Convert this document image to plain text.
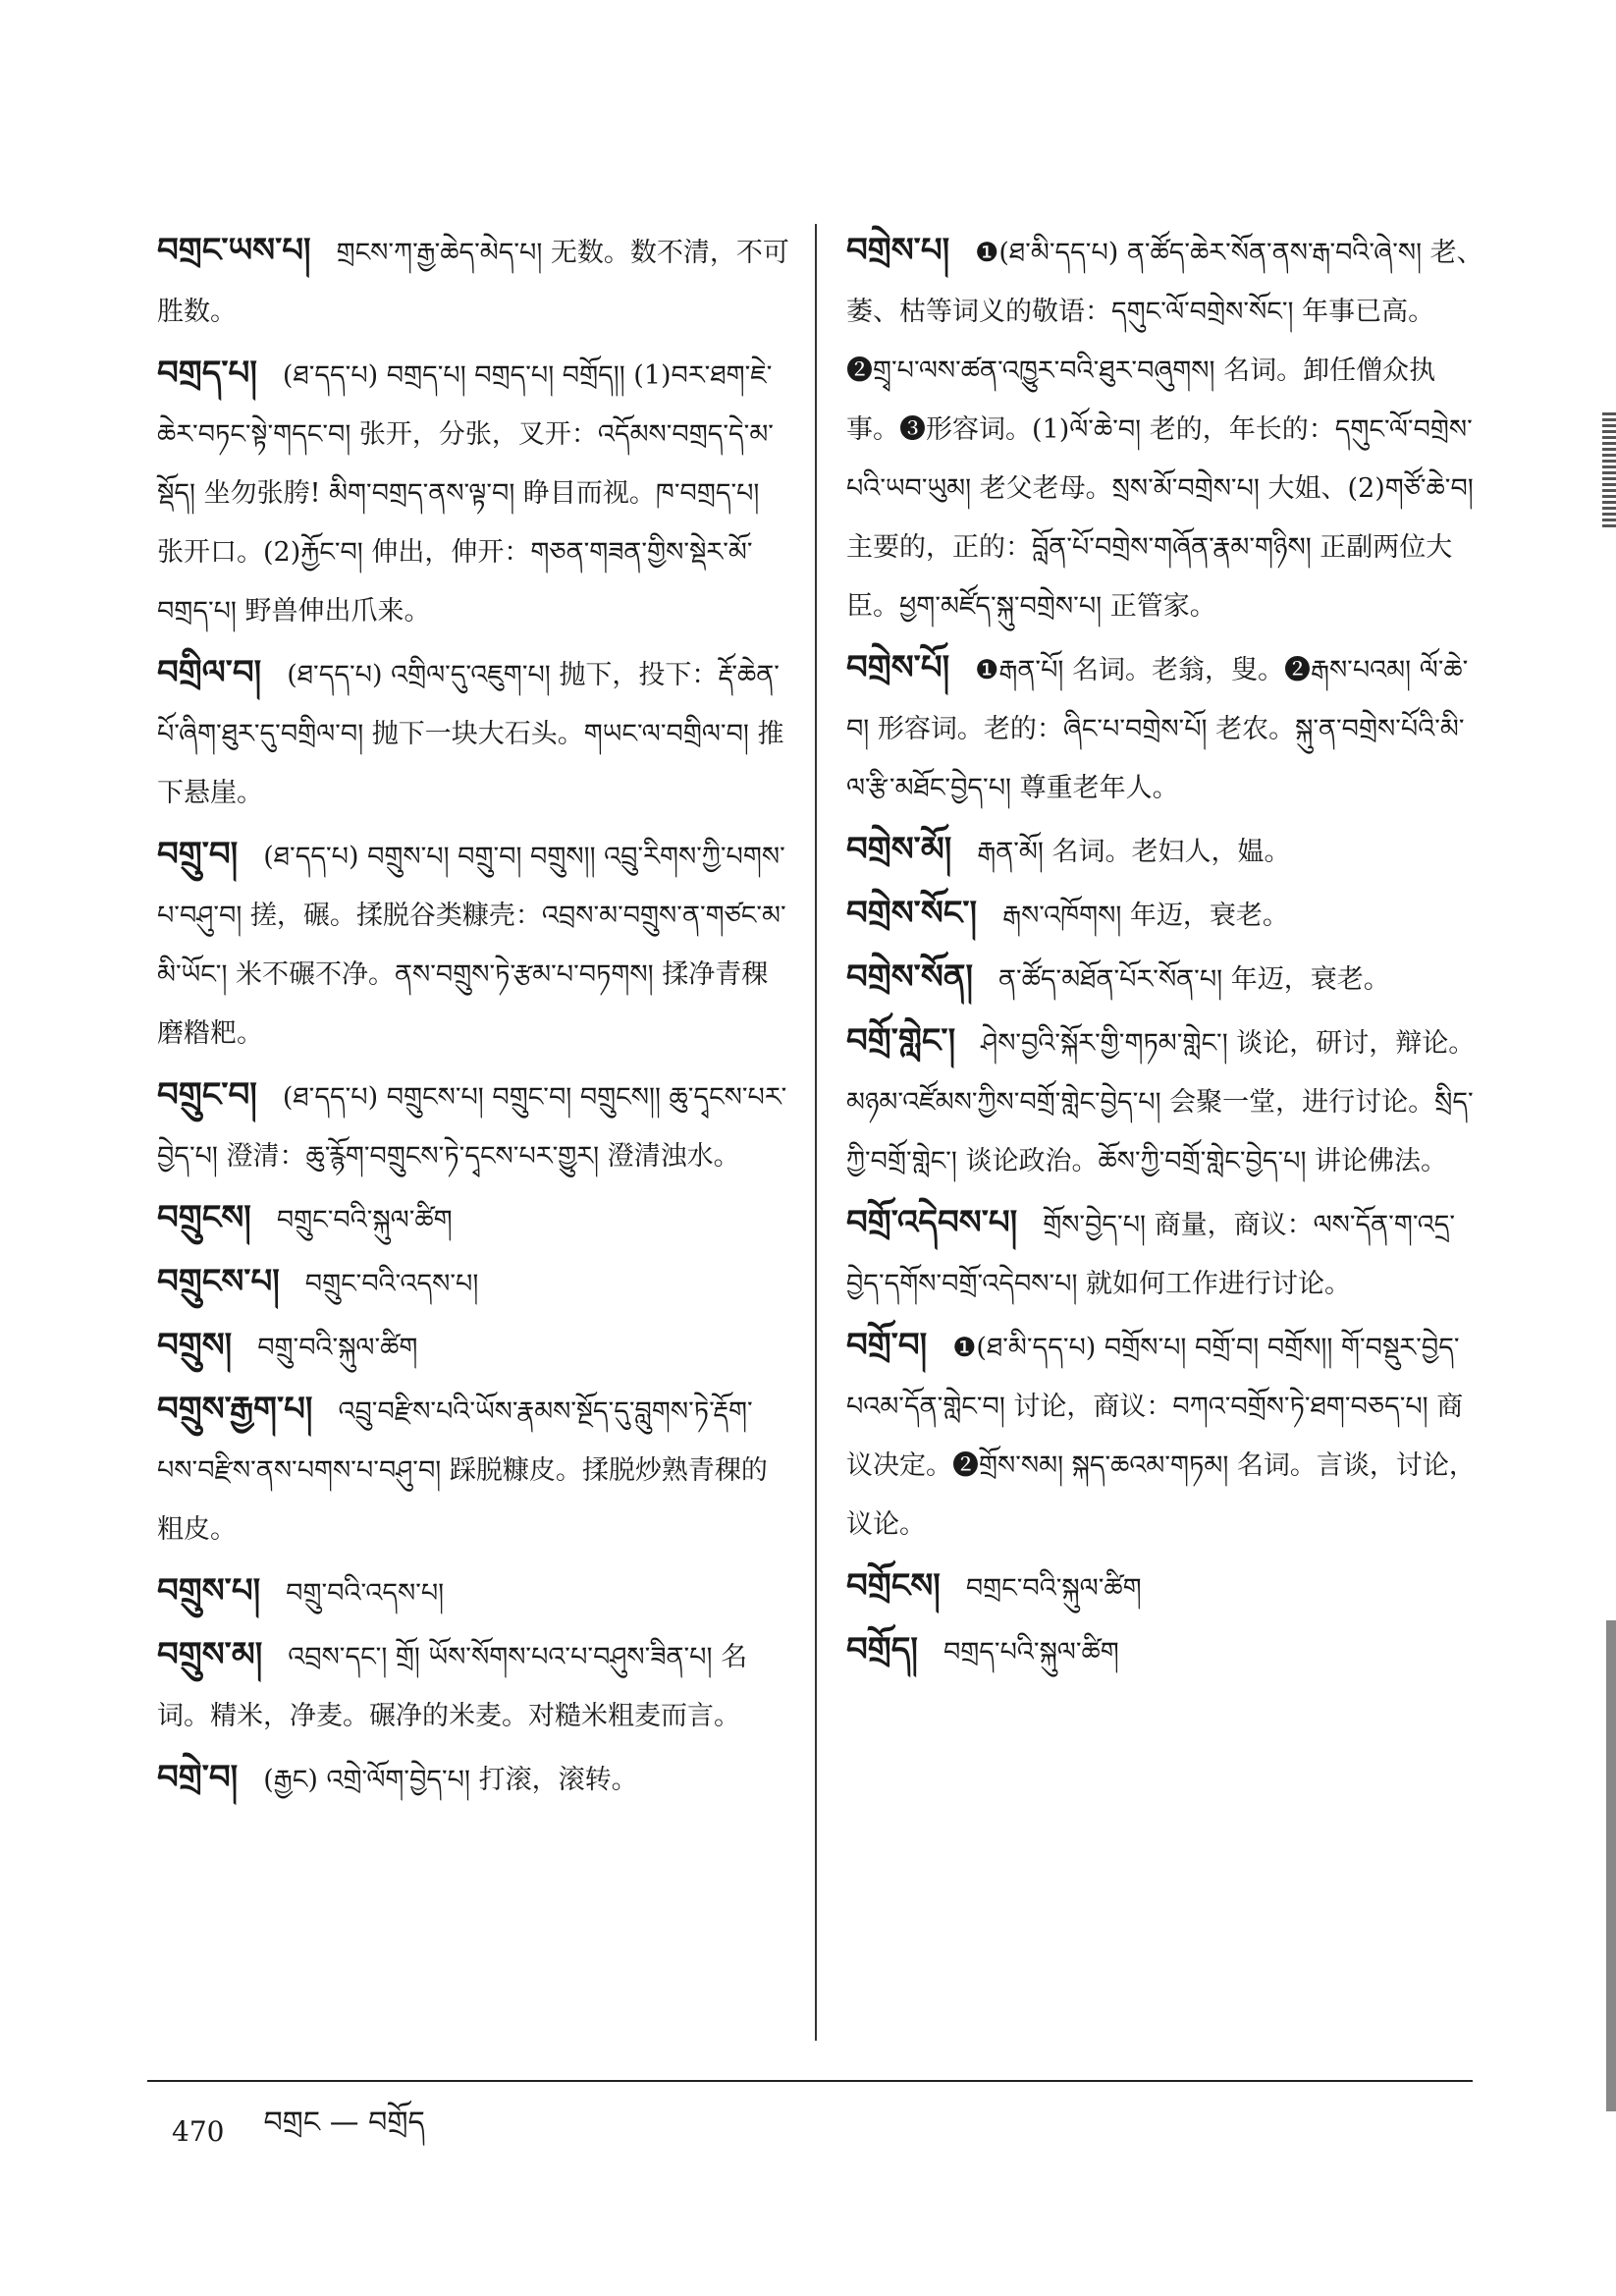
བགྲང་ཡས་པ། གྲངས་ཀ་རྒྱ་ཆེད་མེད་པ། 无数。数不清，不可胜数。

བགྲད་པ། (ཐ་དད་པ) བགྲད་པ། བགྲད་པ། བགྲོད།། (1)བར་ཐག་ཇེ་ཆེར་བཏང་སྟེ་གདང་བ། 张开，分张，叉开：འདོམས་བགྲད་དེ་མ་སྡོད། 坐勿张胯! མིག་བགྲད་ནས་ལྟ་བ། 睁目而视。ཁ་བགྲད་པ། 张开口。(2)རྐྱོང་བ། 伸出，伸开：གཅན་གཟན་གྱིས་སྡེར་མོ་བགྲད་པ། 野兽伸出爪来。

བགྲིལ་བ། (ཐ་དད་པ) འགྲིལ་དུ་འཇུག་པ། 抛下，投下：རྡོ་ཆེན་པོ་ཞིག་ཐུར་དུ་བགྲིལ་བ། 抛下一块大石头。གཡང་ལ་བགྲིལ་བ། 推下悬崖。

བགྲུ་བ། (ཐ་དད་པ) བགྲུས་པ། བགྲུ་བ། བགྲུས།། འབྲུ་རིགས་ཀྱི་པགས་པ་བཤུ་བ། 搓，碾。揉脱谷类糠壳：འབྲས་མ་བགྲུས་ན་གཙང་མ་མི་ཡོང་། 米不碾不净。ནས་བགྲུས་ཏེ་རྩམ་པ་བཏགས། 揉净青稞磨糌粑。

བགྲུང་བ། (ཐ་དད་པ) བགྲུངས་པ། བགྲུང་བ། བགྲུངས།། ཆུ་དྭངས་པར་བྱེད་པ། 澄清：ཆུ་རྙོག་བགྲུངས་ཏེ་དྭངས་པར་གྱུར། 澄清浊水。

བགྲུངས། བགྲུང་བའི་སྐུལ་ཚིག

བགྲུངས་པ། བགྲུང་བའི་འདས་པ།

བགྲུས། བགྲུ་བའི་སྐུལ་ཚིག

བགྲུས་རྒྱག་པ། འབྲུ་བརྫིས་པའི་ཡོས་རྣམས་སྔོད་དུ་བླུགས་ཏེ་རྡོག་པས་བརྫིས་ནས་པགས་པ་བཤུ་བ། 踩脱糠皮。揉脱炒熟青稞的粗皮。

བགྲུས་པ། བགྲུ་བའི་འདས་པ།

བགྲུས་མ། འབྲས་དང་། གྲོ། ཡོས་སོགས་པའ་པ་བཤུས་ཟིན་པ། 名词。精米，净麦。碾净的米麦。对糙米粗麦而言。

བགྲེ་བ། (རྒྱང) འགྲེ་ལོག་བྱེད་པ། 打滚，滚转。

བགྲེས་པ། ❶(ཐ་མི་དད་པ) ན་ཚོད་ཆེར་སོན་ནས་རྒ་བའི་ཞེ་ས། 老、萎、枯等词义的敬语：དགུང་ལོ་བགྲེས་སོང་། 年事已高。❷གྲྭ་པ་ལས་ཚན་འཁྱུར་བའི་ཐུར་བཞུགས། 名词。卸任僧众执事。❸形容词。(1)ལོ་ཆེ་བ། 老的，年长的：དགུང་ལོ་བགྲེས་པའི་ཡབ་ཡུམ། 老父老母。སྲས་མོ་བགྲེས་པ། 大姐、(2)གཙོ་ཆེ་བ། 主要的，正的：བློན་པོ་བགྲེས་གཞོན་རྣམ་གཉིས། 正副两位大臣。ཕྱག་མཛོད་སྐུ་བགྲེས་པ། 正管家。

བགྲེས་པོ། ❶རྒན་པོ། 名词。老翁，叟。❷རྒས་པའམ། ལོ་ཆེ་བ། 形容词。老的：ཞིང་པ་བགྲེས་པོ། 老农。སྐུ་ན་བགྲེས་པོའི་མི་ལ་རྩི་མཐོང་བྱེད་པ། 尊重老年人。

བགྲེས་མོ། རྒན་མོ། 名词。老妇人，媪。

བགྲེས་སོང་། རྒས་འཁོགས། 年迈，衰老。

བགྲེས་སོན། ན་ཚོད་མཐོན་པོར་སོན་པ། 年迈，衰老。

བགྲོ་གླེང་། ཤེས་བྱའི་སྐོར་གྱི་གཏམ་གླེང་། 谈论，研讨，辩论。མཉམ་འཛོམས་ཀྱིས་བགྲོ་གླེང་བྱེད་པ། 会聚一堂，进行讨论。སྲིད་ཀྱི་བགྲོ་གླེང་། 谈论政治。ཆོས་ཀྱི་བགྲོ་གླེང་བྱེད་པ། 讲论佛法。

བགྲོ་འདེབས་པ། གྲོས་བྱེད་པ། 商量，商议：ལས་དོན་ག་འདྲ་བྱེད་དགོས་བགྲོ་འདེབས་པ། 就如何工作进行讨论。

བགྲོ་བ། ❶(ཐ་མི་དད་པ) བགྲོས་པ། བགྲོ་བ། བགྲོས།། གོ་བསྡུར་བྱེད་པའམ་དོན་གླེང་བ། 讨论，商议：བཀའ་བགྲོས་ཏེ་ཐག་བཅད་པ། 商议决定。❷གྲོས་སམ། སྐད་ཆའམ་གཏམ། 名词。言谈，讨论，议论。

བགྲོངས། བགྲང་བའི་སྐུལ་ཚིག

བགྲོད། བགྲད་པའི་སྐུལ་ཚིག

470 བགྲང — བགྲོད
